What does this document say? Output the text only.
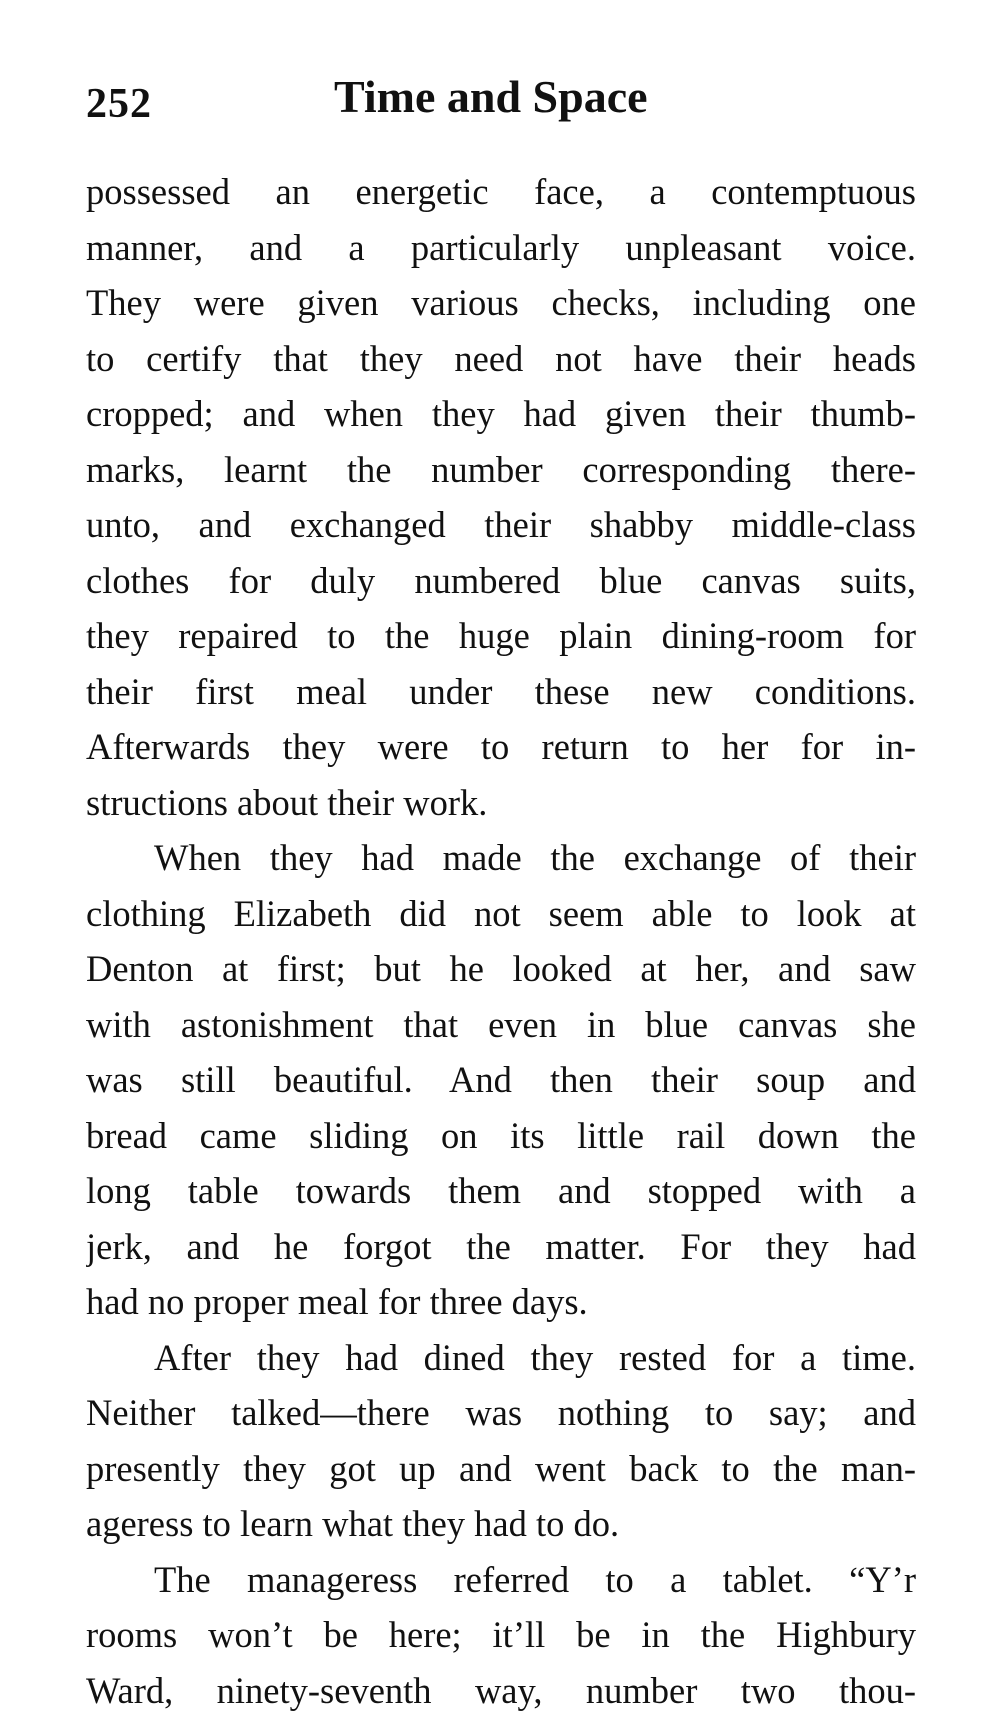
252	Time and Space
possessed an energetic face, a contemptuous
manner, and a particularly unpleasant voice.
They were given various checks, including one
to certify that they need not have their heads
cropped; and when they had given their thumb-
marks, learnt the number corresponding there-
unto, and exchanged their shabby middle-class
clothes for duly numbered blue canvas suits,
they repaired to the huge plain dining-room for
their first meal under these new conditions.
Afterwards they were to return to her for in-
structions about their work.
When they had made the exchange of their
clothing Elizabeth did not seem able to look at
Denton at first; but he looked at her, and saw
with astonishment that even in blue canvas she
was still beautiful. And then their soup and
bread came sliding on its little rail down the
long table towards them and stopped with a
jerk, and he forgot the matter. For they had
had no proper meal for three days.
After they had dined they rested for a time.
Neither talked—there was nothing to say; and
presently they got up and went back to the man-
ageress to learn what they had to do.
The manageress referred to a tablet. “Y’r
rooms won’t be here; it’ll be in the Highbury
Ward, ninety-seventh way, number two thou-
